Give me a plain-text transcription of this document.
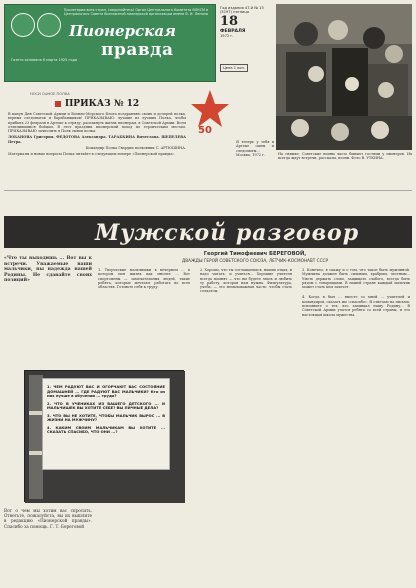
Пролетарии всех стран, соединяйтесь! Орган Центрального Комитета ВЛКСМ и Центрального Совета Всесоюзной пионерской организации имени В. И. Ленина
Пионерская
правда
Газета основана 6 марта 1925 года
Год издания 47-й № 15 (5197) пятница
18
ФЕВРАЛЯ
1972 г.
Цена 1 коп.
На снимке: Советские воины часто бывают гостями у пионеров. Их всегда ждут встречи, рассказы, песни. Фото В. УТКИНА.
НОСИ СЫНОЕ ПОЛКА
ПРИКАЗ № 12
В канун Дня Советской Армии и Военно-Морского Флота поздравляю своих и дочерей полка, верных следопытов и барабанщиков! ПРИКАЗЫВАЮ: лучшие из лучших Полка, чтобы прибыть 23 февраля в Артеке к отряду, распахнуть жизнь пионерам, в Советской Армии. Всем отличившимся бойцам. В этот праздник пионерский поход по героическим местам. ПРИКАЗЫВАЮ зачислить в Полк сынов полка:
ЛОБАНОВА Григория. ФЕДОТОВА Александра. ТАРАБКИНА Вячеслава. ШЕПЕЛЕВА Петра.
Командир Полка Гвардии полковник С. АРТЮШИНА.
Материалы и новые вопросы Полка читайте в следующем номере «Пионерской правды».
50
Я теперь у тебя в Артеке сыны и следопыты... Москва, 1972 г.
Мужской разговор
Георгий Тимофеевич БЕРЕГОВОЙ,
ДВАЖДЫ ГЕРОЙ СОВЕТСКОГО СОЮЗА, ЛЕТЧИК-КОСМОНАВТ СССР
«Что ты выходишь ... Вот вы к встречи. Уважаемые наши мальчики, вы надежда нашей Родины. Не сдавайте своих позиций»
1. Творческие мальчишки в вечернем ... в котором моя жизнь как многие ... Вот спортсмены — замечательных людей, такие ребята, которые мечтают работать во всех областях. Готовьте себя к труду.
2. Хорошо, что ты соглашаешься, наших отцах, и надо читать, и учиться... Хорошие учителя всегда помнят — что вы будете знать и любить ту работу, которая нам нужна. Физкультура, учеба, — это немаловажная часть: чтобы стать солдатом.
3. Конечно, я скажу и о том, что такое быть мужчиной. Мужчина должен быть сильным, храбрым, честным... Уметь держать слово, защищать слабого, всегда быть рядом с товарищами. В нашей стране каждый мальчик может стать кем захочет.
4. Когда я был ... вместе со мной ... учителей и командиров, сказать им «спасибо». Я отвечаю на письма: вспомните о тех, кто защищал нашу Родину... В Советской Армии учатся ребята со всей страны, и это настоящая школа мужества.
1. ЧЕМ РАДУЮТ ВАС И ОГОРЧАЮТ ВАС СОСТОЯНИЕ ДОМАШНЕЙ ... ГДЕ РАДУЮТ ВАС МАЛЬЧИКИ? Кто из них лучше в обучении ... труда?
2. ЧТО В УЧЕНИКАХ ИЗ ВАШЕГО ДЕТСКОГО ... И МАЛЬЧИШЕК ВЫ ХОТИТЕ СЕБЕ? ВЫ ЛИЧНЫЕ ДЕЛА?
3. ЧТО ВЫ НЕ ХОТИТЕ, ЧТОБЫ МАЛЬЧИК ВЫРОС ... В ЖИЗНИ НА МУЖЧИНУ?
4. КАКИМ СВОИМ МАЛЬЧИКАМ ВЫ ХОТИТЕ ... СКАЗАТЬ СПАСИБО, ЧТО ОНИ ...?
Вот о чем мы хотим вас спросить. Ответьте, пожалуйста, вы их вышлите в редакцию «Пионерской правды». Спасибо за помощь. Г. Т. Береговой
